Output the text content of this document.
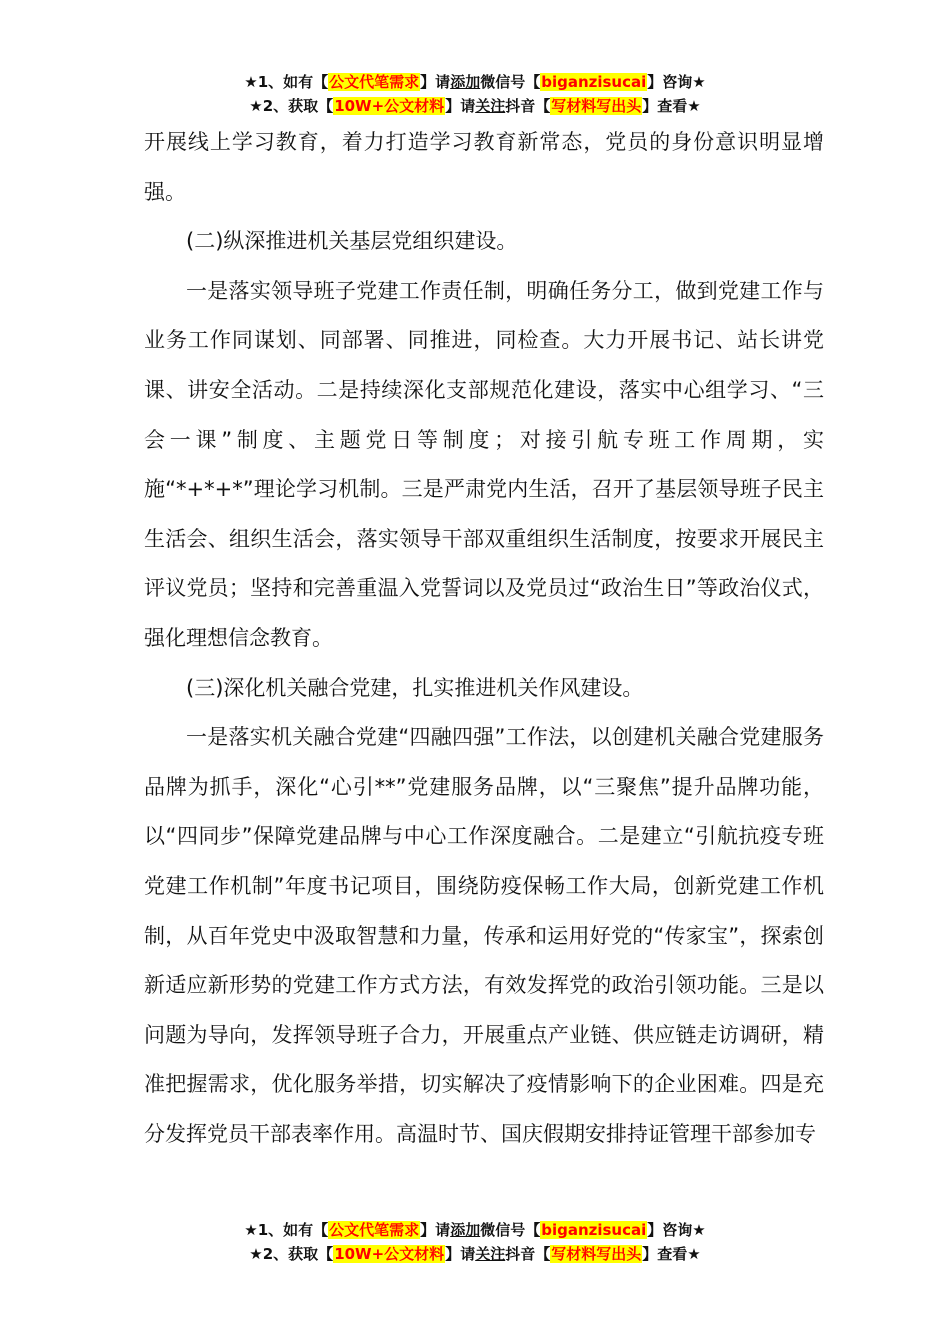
★1、如有【公文代笔需求】请添加微信号【biganzisucai】咨询★
★2、获取【10W+公文材料】请关注抖音【写材料写出头】查看★

开展线上学习教育，着力打造学习教育新常态，党员的身份意识明显增强。

(二)纵深推进机关基层党组织建设。

一是落实领导班子党建工作责任制，明确任务分工，做到党建工作与业务工作同谋划、同部署、同推进，同检查。大力开展书记、站长讲党课、讲安全活动。二是持续深化支部规范化建设，落实中心组学习、“三会一课”制度、主题党日等制度；对接引航专班工作周期，实施“*+*+*”理论学习机制。三是严肃党内生活，召开了基层领导班子民主生活会、组织生活会，落实领导干部双重组织生活制度，按要求开展民主评议党员；坚持和完善重温入党誓词以及党员过“政治生日”等政治仪式，强化理想信念教育。

(三)深化机关融合党建，扎实推进机关作风建设。

一是落实机关融合党建“四融四强”工作法，以创建机关融合党建服务品牌为抓手，深化“心引**”党建服务品牌，以“三聚焦”提升品牌功能，以“四同步”保障党建品牌与中心工作深度融合。二是建立“引航抗疫专班党建工作机制”年度书记项目，围绕防疫保畅工作大局，创新党建工作机制，从百年党史中汲取智慧和力量，传承和运用好党的“传家宝”，探索创新适应新形势的党建工作方式方法，有效发挥党的政治引领功能。三是以问题为导向，发挥领导班子合力，开展重点产业链、供应链走访调研，精准把握需求，优化服务举措，切实解决了疫情影响下的企业困难。四是充分发挥党员干部表率作用。高温时节、国庆假期安排持证管理干部参加专

★1、如有【公文代笔需求】请添加微信号【biganzisucai】咨询★
★2、获取【10W+公文材料】请关注抖音【写材料写出头】查看★
